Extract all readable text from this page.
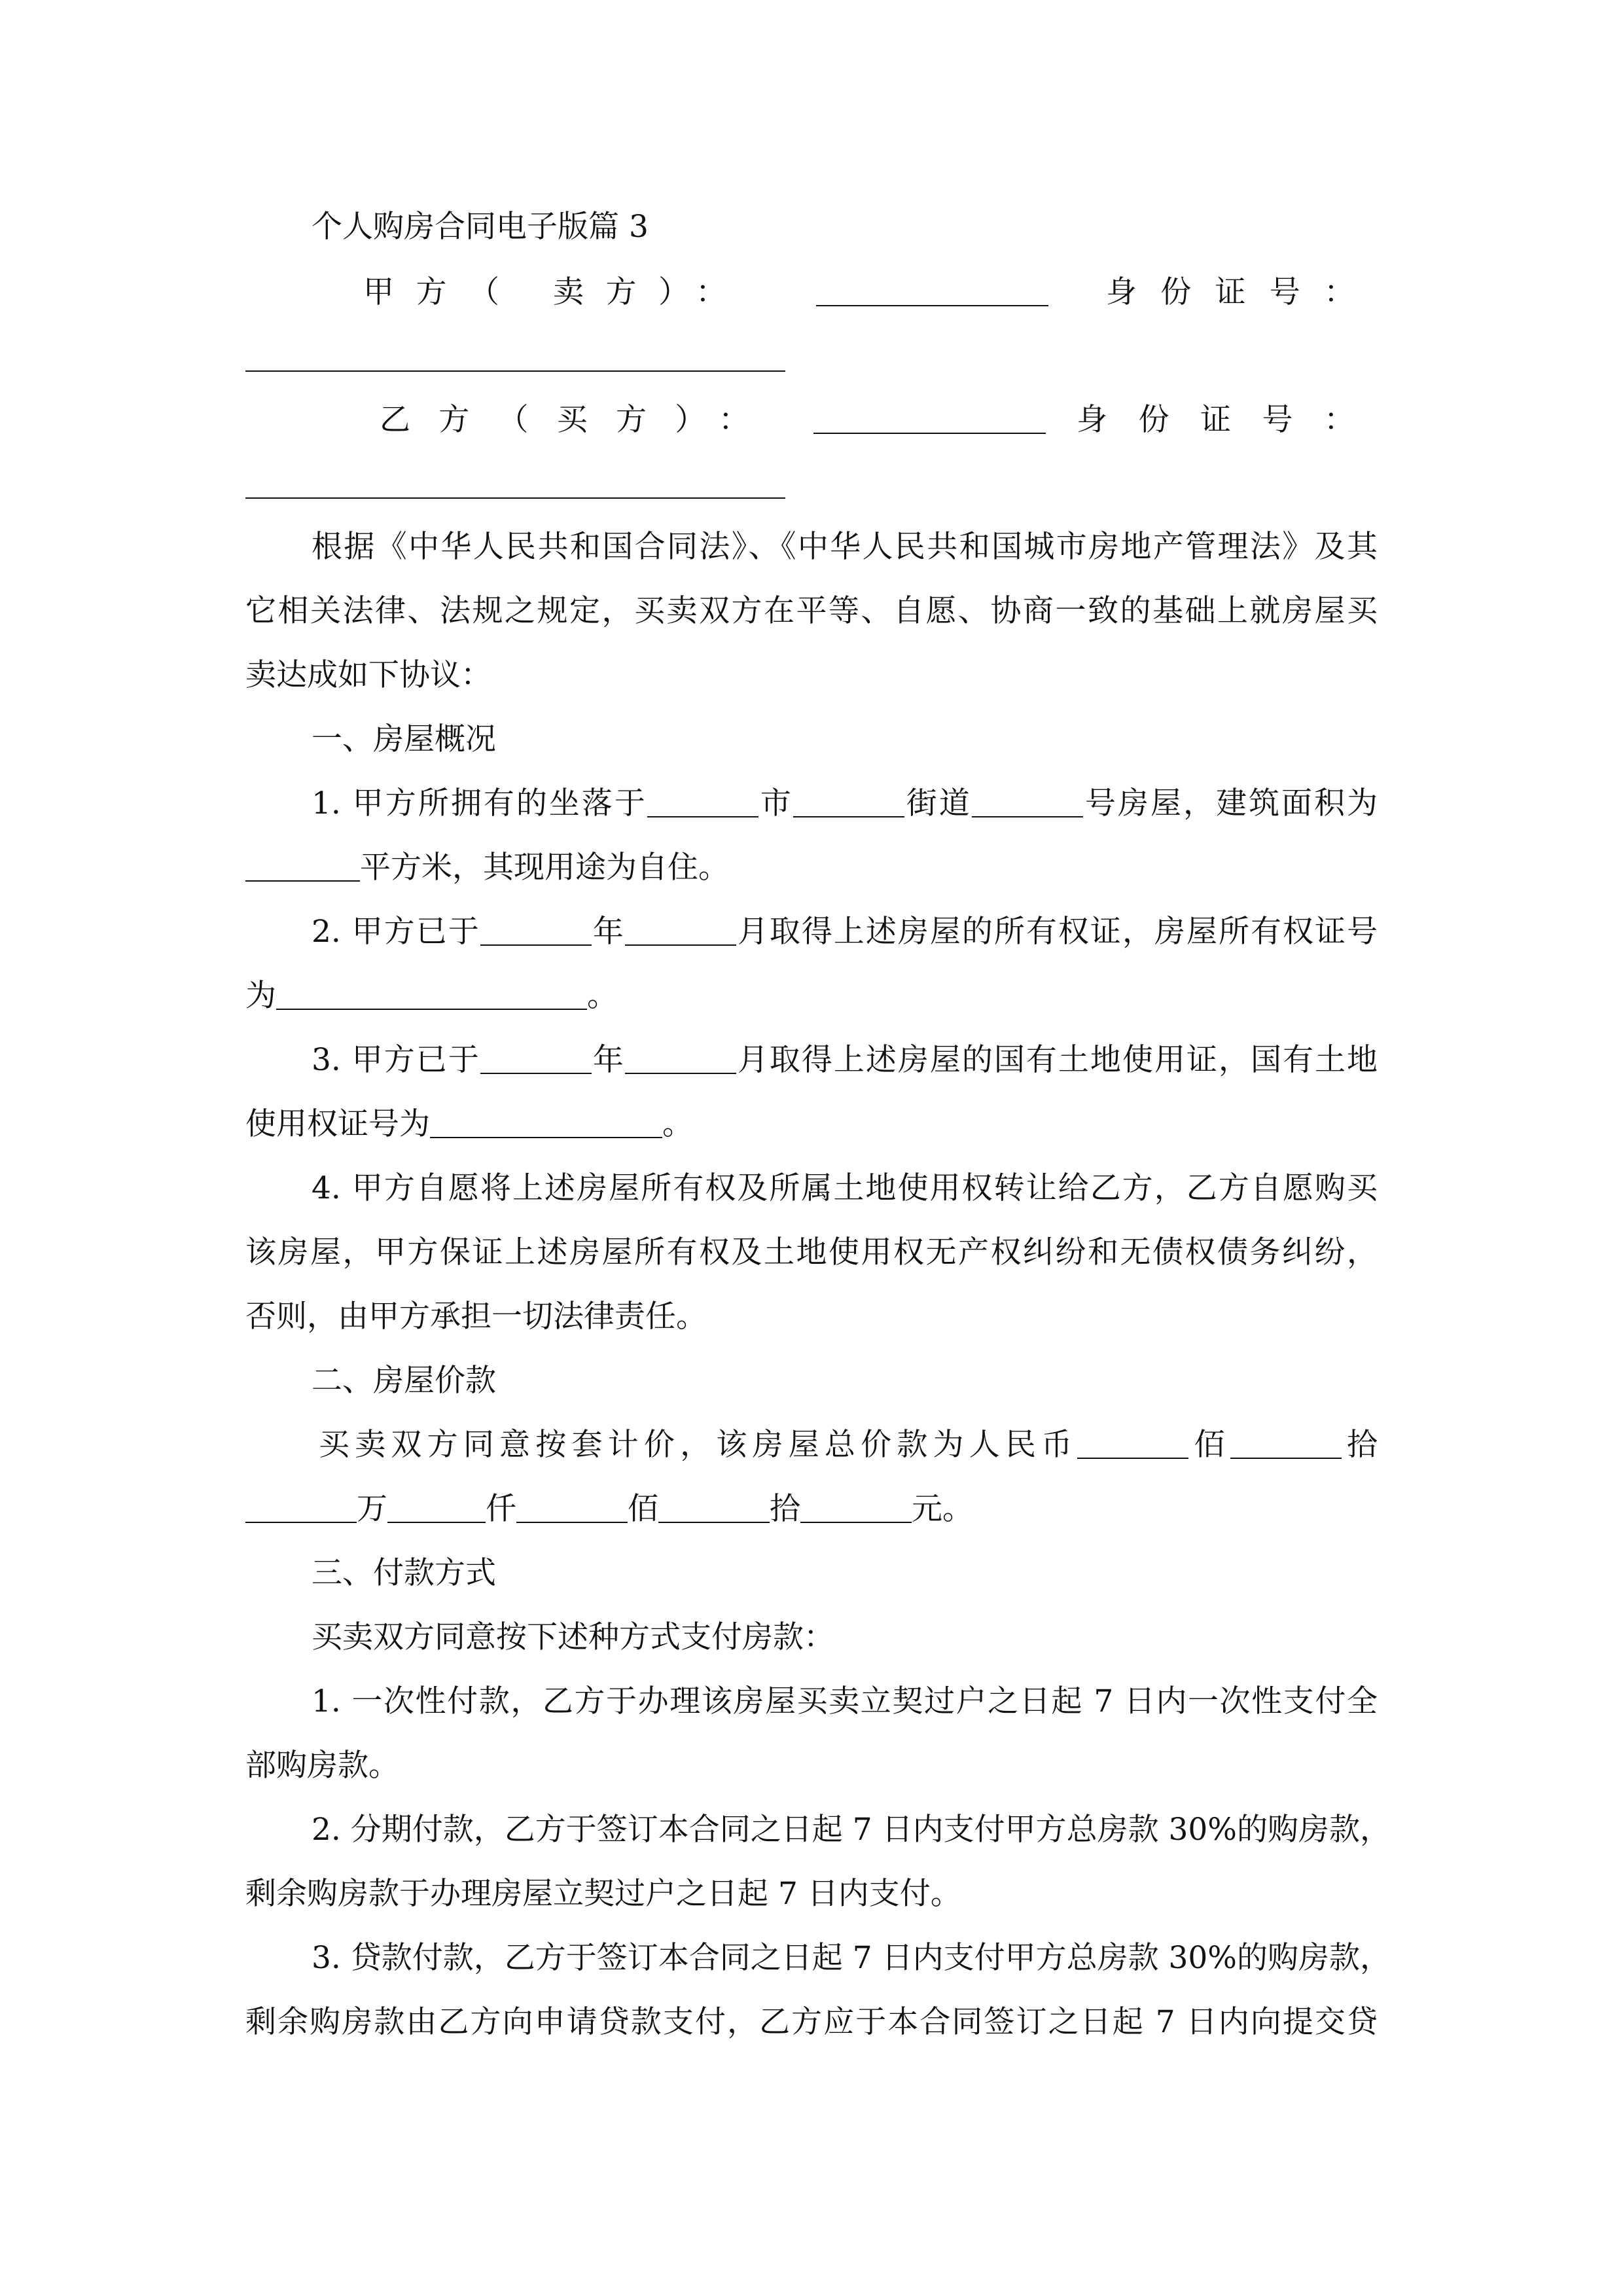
个人购房合同电子版篇 3
甲方（ 卖方）：	身份证号：
乙方（买方）：	身份证号：
根据《中华人民共和国合同法》、《中华人民共和国城市房地产管理法》及其
它相关法律、法规之规定，买卖双方在平等、自愿、协商一致的基础上就房屋买
卖达成如下协议：
一、房屋概况
1. 甲方所拥有的坐落于	市	街道	号房屋，建筑面积为
平方米，其现用途为自住。
2. 甲方已于	年	月取得上述房屋的所有权证，房屋所有权证号
为	。
3. 甲方已于	年	月取得上述房屋的国有土地使用证，国有土地
使用权证号为	。
4. 甲方自愿将上述房屋所有权及所属土地使用权转让给乙方，乙方自愿购买
该房屋，甲方保证上述房屋所有权及土地使用权无产权纠纷和无债权债务纠纷，
否则，由甲方承担一切法律责任。
二、房屋价款
买卖双方同意按套计价，该房屋总价款为人民币	佰	拾
万	仟	佰	拾	元。
三、付款方式
买卖双方同意按下述种方式支付房款：
1. 一次性付款，乙方于办理该房屋买卖立契过户之日起 7 日内一次性支付全
部购房款。
2. 分期付款，乙方于签订本合同之日起 7 日内支付甲方总房款 30%的购房款，
剩余购房款于办理房屋立契过户之日起 7 日内支付。
3. 贷款付款，乙方于签订本合同之日起 7 日内支付甲方总房款 30%的购房款，
剩余购房款由乙方向申请贷款支付，乙方应于本合同签订之日起 7 日内向提交贷
